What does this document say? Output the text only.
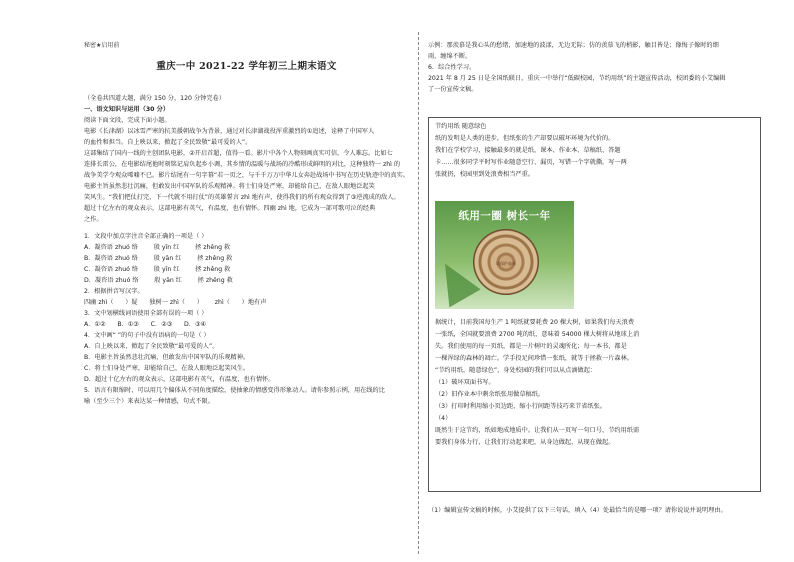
秘密★启用前
重庆一中 2021-22 学年初三上期末语文

（全卷共四道大题，满分 150 分，120 分钟完卷）

一、语文知识与运用（30 分）

阅读下面文段，完成下面小题。

电影《长津湖》以冰雪严寒的抗美援朝战争为背景，通过对长津湖战役浑重激烈的①追述，诠释了中国军人

的血性和担当。自上映以来，掀起了全民致敬“最可爱的人”。

这部集结了国内一线的主创团队电影，②开启首超，值得一看。影片中各个人物刻画真实可信，令人难忘。比如七

连排长雷公，在电影结尾他时刻铭记肩负起乡小调，其乡情的温暖与战场的冷酷形成鲜明的对比，这种独特一 zhì 的

战争美学令观众唏嘘不已。影片结尾有一句字幕“若一页之，与千千万万中华儿女奔赴战场中书写在历史轨迹中的真实。

电影主旨虽然悲壮沉痛，但敢发出中国军队的乐观精神。将士们身处严寒，却能给自己，在敌人眼地泛起笑

笑风生。“我们把仗打完，下一代就不用打仗”的英雄誓言 zhì 地有声，使得我们的所有观众得到了③逆流成的敌人。

超过十亿左右的观众表示，这部电影有英气，有温度，也有情怀。四幽 zhì 地，它成为一部可歌可泣的经典

之作。

1．文段中加点字注音全部正确的一项是（ ）

A．凝咨语 zhuó 络        殷 yīn 红        拯 zhěng 救

B．凝咨语 zhuó 络        殷 yān 红        拯 zhěng 救

C．凝咨语 zhuó 络        殷 yīn 红        拯 zhěng 救

D．凝咨语 zhuó 络        殷 yān 红        拯 zhěng 救

2．根据拼音写汉字。

四幽 zhì（      ）疑      独树一 zhì（      ）      zhì（      ）地有声

3．文中划横线词语使用全部有误的一项（ ）

A．①②      B．①③      C．②③      D．③④

4．文中画“ ”的句子中没有语病的一句是（ ）

A．自上映以来，掀起了全民致敬“最可爱的人”。

B．电影主旨虽然悲壮沉痛，但敢发出中国军队的乐观精神。

C．将士们身处严寒，却能给自己，在敌人眼地泛起笑风生。

D．超过十亿左右的观众表示，这部电影有英气，有温度，也有情怀。

5．语言有限缩时，可以用几个偏体从不同角度描绘，使抽象的情感变得形象动人。请你参照示例，用在线的比

喻（至少三个）来表达某一种情感，句式不限。

示例：那羡慕是我心头的愁绪，加速地的波漾，无边无际；仿的羡慕飞的梢影，触目皆是；像悔子像时的细

雨，缠绵不断。

6．综合性学习。

2021 年 8 月 25 日是全国纸联日，重庆一中举行“低碳校园，节约用纸”的主题宣传活动，校团委的小艾编辑

了一份宣传文稿。

节约用纸 随意绿色

纸的发明是人类的进步，但纸张的生产却要以破坏环境为代价的。

我们在学校学习，接触最多的就是纸，课本、作业本、草稿纸、答题

卡……很多同学平时写作业随意空行、漏页，写错一个字就撕，写一两

张就扔，校园里到处浪费相当严重。

纸用一圈 树长一年
请保护森林

据统计，目前我国每生产 1 吨纸就要耗费 20 棵大树，如果我们每天浪费

一张纸，全国就要浪费 2700 吨的纸，意味着 54000 棵大树将从地球上消

失。我们使用的每一页纸，都是一片树叶的灵魂所化；每一本书，都是

一棵浑绿的森林的凋亡。学手投足间珍惜一张纸，就等于拯救一片森林。

“节约用纸，随意绿色”，身处校园的我们可以从点滴做起：

（1）破坏双面书写。

（2）旧作业本中剩余纸张用做草稿纸。

（3）打印时利用缩小页边距、缩小行间距等技巧来节省纸张。

（4）

既然生于这节约，纸如地成地质中。让我们从一页写一句口号，节约用纸需

要我们身体力行，让我们行动起来吧，从身边做起，从现在做起。

（1）编辑宣传文稿的时候，小艾提供了以下三句话，填入（4）处最恰当的是哪一项？请你说说并说明理由。
